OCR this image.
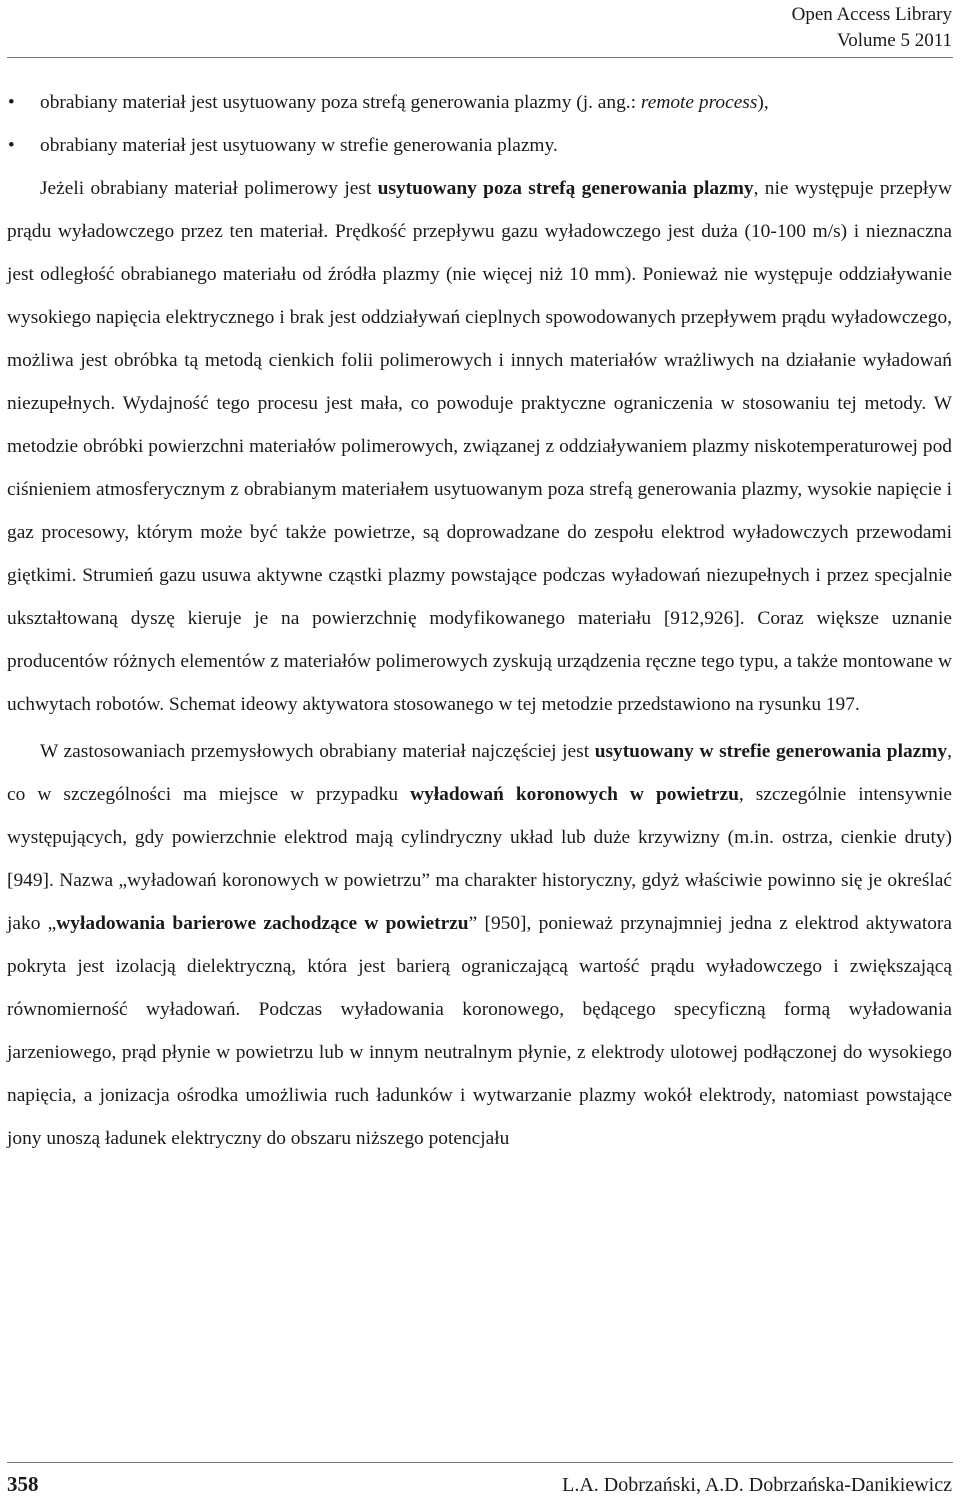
Open Access Library
Volume 5 2011
• obrabiany materiał jest usytuowany poza strefą generowania plazmy (j. ang.: remote process),
• obrabiany materiał jest usytuowany w strefie generowania plazmy.

Jeżeli obrabiany materiał polimerowy jest usytuowany poza strefą generowania plazmy, nie występuje przepływ prądu wyładowczego przez ten materiał. Prędkość przepływu gazu wyładowczego jest duża (10-100 m/s) i nieznaczna jest odległość obrabianego materiału od źródła plazmy (nie więcej niż 10 mm). Ponieważ nie występuje oddziaływanie wysokiego napięcia elektrycznego i brak jest oddziaływań cieplnych spowodowanych przepływem prądu wyładowczego, możliwa jest obróbka tą metodą cienkich folii polimerowych i innych materiałów wrażliwych na działanie wyładowań niezupełnych. Wydajność tego procesu jest mała, co powoduje praktyczne ograniczenia w stosowaniu tej metody. W metodzie obróbki powierzchni materiałów polimerowych, związanej z oddziaływaniem plazmy niskotemperaturowej pod ciśnieniem atmosferycznym z obrabianym materiałem usytuowanym poza strefą generowania plazmy, wysokie napięcie i gaz procesowy, którym może być także powietrze, są doprowadzane do zespołu elektrod wyładowczych przewodami giętkimi. Strumień gazu usuwa aktywne cząstki plazmy powstające podczas wyładowań niezupełnych i przez specjalnie ukształtowaną dyszę kieruje je na powierzchnię modyfikowanego materiału [912,926]. Coraz większe uznanie producentów różnych elementów z materiałów polimerowych zyskują urządzenia ręczne tego typu, a także montowane w uchwytach robotów. Schemat ideowy aktywatora stosowanego w tej metodzie przedstawiono na rysunku 197.

W zastosowaniach przemysłowych obrabiany materiał najczęściej jest usytuowany w strefie generowania plazmy, co w szczególności ma miejsce w przypadku wyładowań koronowych w powietrzu, szczególnie intensywnie występujących, gdy powierzchnie elektrod mają cylindryczny układ lub duże krzywizny (m.in. ostrza, cienkie druty) [949]. Nazwa „wyładowań koronowych w powietrzu” ma charakter historyczny, gdyż właściwie powinno się je określać jako „wyładowania barierowe zachodzące w powietrzu” [950], ponieważ przynajmniej jedna z elektrod aktywatora pokryta jest izolacją dielektryczną, która jest barierą ograniczającą wartość prądu wyładowczego i zwiększającą równomierność wyładowań. Podczas wyładowania koronowego, będącego specyficzną formą wyładowania jarzeniowego, prąd płynie w powietrzu lub w innym neutralnym płynie, z elektrody ulotowej podłączonej do wysokiego napięcia, a jonizacja ośrodka umożliwia ruch ładunków i wytwarzanie plazmy wokół elektrody, natomiast powstające jony unoszą ładunek elektryczny do obszaru niższego potencjału

358	L.A. Dobrzański, A.D. Dobrzańska-Danikiewicz
